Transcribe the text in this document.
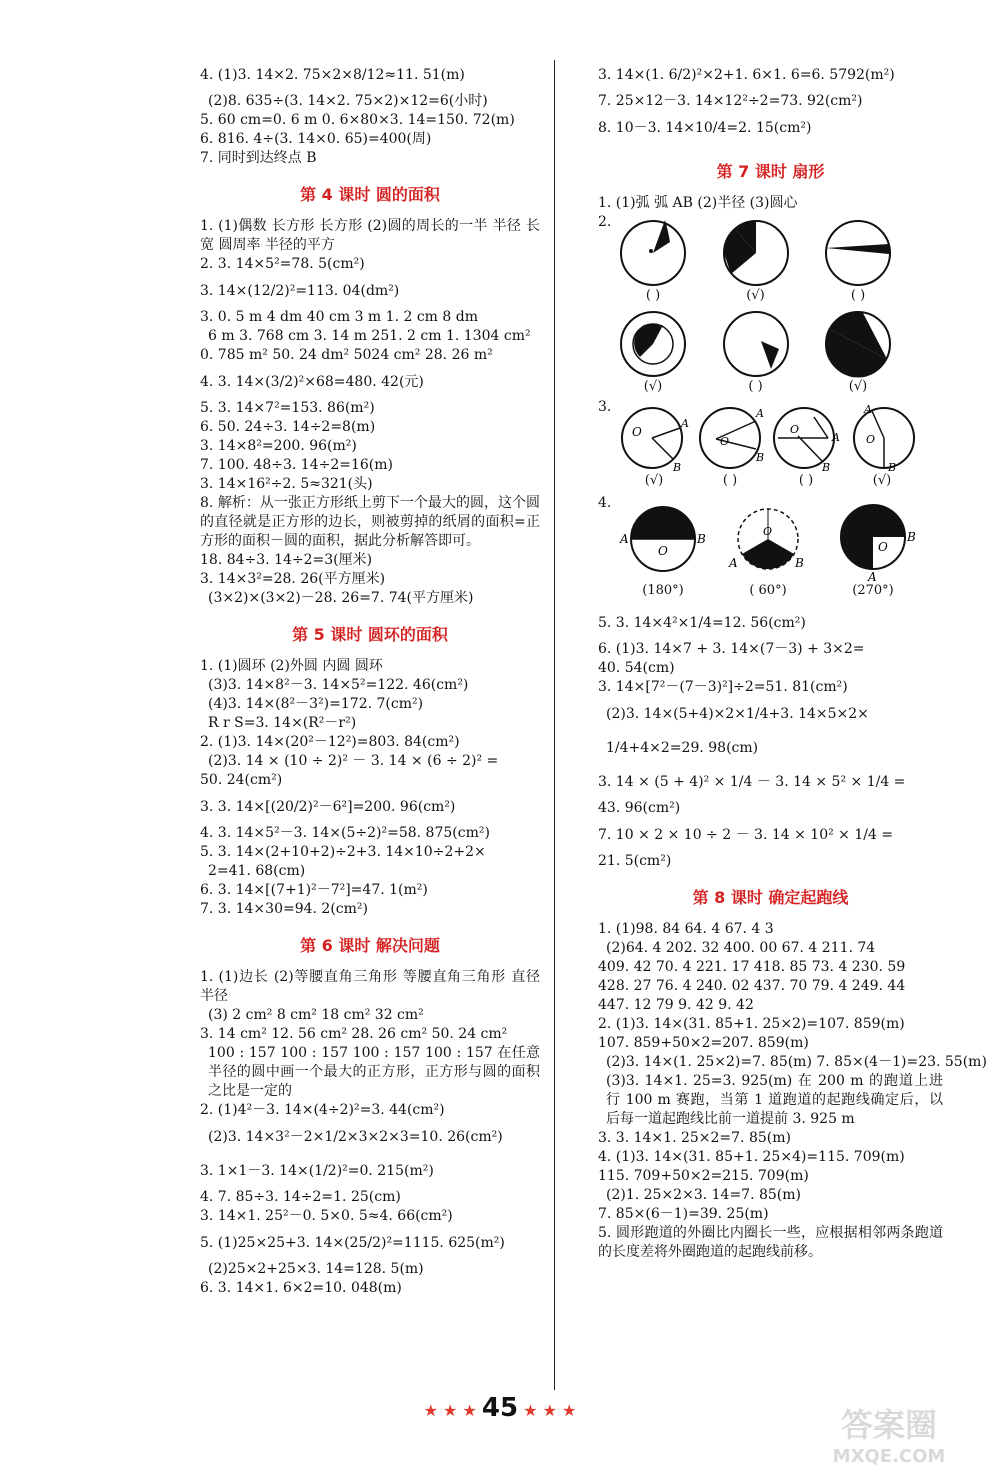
4. (1)3. 14×2. 75×2×8/12≈11. 51(m)
(2)8. 635÷(3. 14×2. 75×2)×12=6(小时)
5. 60 cm=0. 6 m 0. 6×80×3. 14=150. 72(m)
6. 816. 4÷(3. 14×0. 65)=400(周)
7. 同时到达终点 B
第 4 课时 圆的面积
1. (1)偶数 长方形 长方形 (2)圆的周长的一半 半径 长 宽 圆周率 半径的平方
2. 3. 14×5²=78. 5(cm²)
3. 14×(12/2)²=113. 04(dm²)
3. 0. 5 m 4 dm 40 cm 3 m 1. 2 cm 8 dm
6 m 3. 768 cm 3. 14 m 251. 2 cm 1. 1304 cm²
0. 785 m² 50. 24 dm² 5024 cm² 28. 26 m²
4. 3. 14×(3/2)²×68=480. 42(元)
5. 3. 14×7²=153. 86(m²)
6. 50. 24÷3. 14÷2=8(m)
3. 14×8²=200. 96(m²)
7. 100. 48÷3. 14÷2=16(m)
3. 14×16²÷2. 5≈321(头)
8. 解析：从一张正方形纸上剪下一个最大的圆，这个圆的直径就是正方形的边长，则被剪掉的纸屑的面积=正方形的面积－圆的面积，据此分析解答即可。
18. 84÷3. 14÷2=3(厘米)
3. 14×3²=28. 26(平方厘米)
(3×2)×(3×2)－28. 26=7. 74(平方厘米)
第 5 课时 圆环的面积
1. (1)圆环 (2)外圆 内圆 圆环
(3)3. 14×8²－3. 14×5²=122. 46(cm²)
(4)3. 14×(8²－3²)=172. 7(cm²)
R r S=3. 14×(R²－r²)
2. (1)3. 14×(20²－12²)=803. 84(cm²)
(2)3. 14 × (10 ÷ 2)² － 3. 14 × (6 ÷ 2)² =
50. 24(cm²)
3. 3. 14×[(20/2)²－6²]=200. 96(cm²)
4. 3. 14×5²－3. 14×(5÷2)²=58. 875(cm²)
5. 3. 14×(2+10+2)÷2+3. 14×10÷2+2×
2=41. 68(cm)
6. 3. 14×[(7+1)²－7²]=47. 1(m²)
7. 3. 14×30=94. 2(cm²)
第 6 课时 解决问题
1. (1)边长 (2)等腰直角三角形 等腰直角三角形 直径 半径
(3) 2 cm² 8 cm² 18 cm² 32 cm²
3. 14 cm² 12. 56 cm² 28. 26 cm² 50. 24 cm²
100 : 157 100 : 157 100 : 157 100 : 157 在任意半径的圆中画一个最大的正方形，正方形与圆的面积之比是一定的
2. (1)4²－3. 14×(4÷2)²=3. 44(cm²)
(2)3. 14×3²－2×1/2×3×2×3=10. 26(cm²)
3. 1×1－3. 14×(1/2)²=0. 215(m²)
4. 7. 85÷3. 14÷2=1. 25(cm)
3. 14×1. 25²－0. 5×0. 5≈4. 66(cm²)
5. (1)25×25+3. 14×(25/2)²=1115. 625(m²)
(2)25×2+25×3. 14=128. 5(m)
6. 3. 14×1. 6×2=10. 048(m)
3. 14×(1. 6/2)²×2+1. 6×1. 6=6. 5792(m²)
7. 25×12－3. 14×12²÷2=73. 92(cm²)
8. 10－3. 14×10/4=2. 15(cm²)
第 7 课时 扇形
1. (1)弧 弧 AB (2)半径 (3)圆心
2.
( )	(√)	( )
(√)	( )	(√)
3.
O
A
B
(√)
O
A
B
( )
O
A
B
( )
O
A
B
(√)
4.
O
A	B
(180°)
A	B
O
( 60°)
O
B
A
(270°)
5. 3. 14×4²×1/4=12. 56(cm²)
6. (1)3. 14×7 + 3. 14×(7－3) + 3×2=
40. 54(cm)
3. 14×[7²－(7－3)²]÷2=51. 81(cm²)
(2)3. 14×(5+4)×2×1/4+3. 14×5×2×
1/4+4×2=29. 98(cm)
3. 14 × (5 + 4)² × 1/4 － 3. 14 × 5² × 1/4 =
43. 96(cm²)
7. 10 × 2 × 10 ÷ 2 － 3. 14 × 10² × 1/4 =
21. 5(cm²)
第 8 课时 确定起跑线
1. (1)98. 84 64. 4 67. 4 3
(2)64. 4 202. 32 400. 00 67. 4 211. 74
409. 42 70. 4 221. 17 418. 85 73. 4 230. 59
428. 27 76. 4 240. 02 437. 70 79. 4 249. 44
447. 12 79 9. 42 9. 42
2. (1)3. 14×(31. 85+1. 25×2)=107. 859(m)
107. 859+50×2=207. 859(m)
(2)3. 14×(1. 25×2)=7. 85(m) 7. 85×(4－1)=23. 55(m)
(3)3. 14×1. 25=3. 925(m) 在 200 m 的跑道上进行 100 m 赛跑，当第 1 道跑道的起跑线确定后，以后每一道起跑线比前一道提前 3. 925 m
3. 3. 14×1. 25×2=7. 85(m)
4. (1)3. 14×(31. 85+1. 25×4)=115. 709(m)
115. 709+50×2=215. 709(m)
(2)1. 25×2×3. 14=7. 85(m)
7. 85×(6－1)=39. 25(m)
5. 圆形跑道的外圈比内圈长一些，应根据相邻两条跑道的长度差将外圈跑道的起跑线前移。
★ ★ ★ 45 ★ ★ ★	答案圈
MXQE.COM
